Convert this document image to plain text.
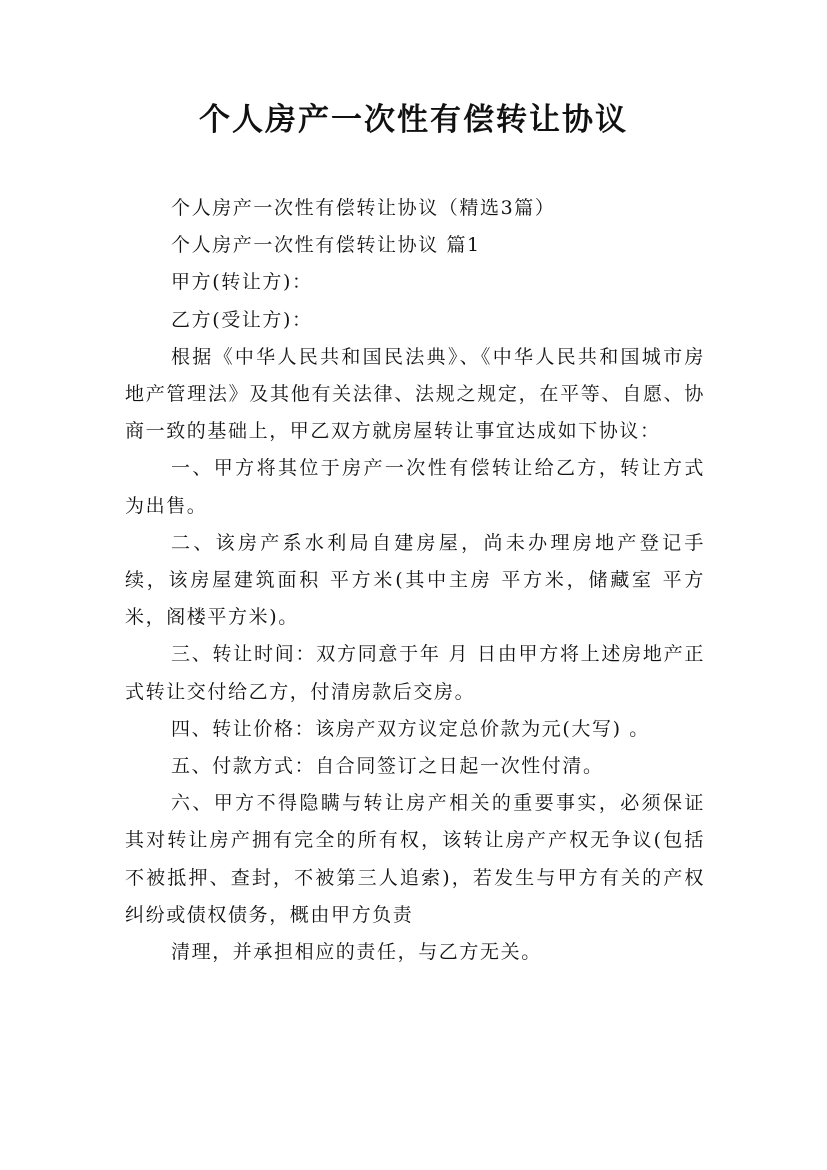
个人房产一次性有偿转让协议

个人房产一次性有偿转让协议（精选3篇）

个人房产一次性有偿转让协议 篇1

甲方(转让方)：

乙方(受让方)：

根据《中华人民共和国民法典》、《中华人民共和国城市房地产管理法》及其他有关法律、法规之规定，在平等、自愿、协商一致的基础上，甲乙双方就房屋转让事宜达成如下协议：

一、甲方将其位于房产一次性有偿转让给乙方，转让方式为出售。

二、该房产系水利局自建房屋，尚未办理房地产登记手续，该房屋建筑面积 平方米(其中主房 平方米，储藏室 平方米，阁楼平方米)。

三、转让时间：双方同意于年 月 日由甲方将上述房地产正式转让交付给乙方，付清房款后交房。

四、转让价格：该房产双方议定总价款为元(大写) 。

五、付款方式：自合同签订之日起一次性付清。

六、甲方不得隐瞒与转让房产相关的重要事实，必须保证其对转让房产拥有完全的所有权，该转让房产产权无争议(包括不被抵押、查封，不被第三人追索)，若发生与甲方有关的产权纠纷或债权债务，概由甲方负责

清理，并承担相应的责任，与乙方无关。
